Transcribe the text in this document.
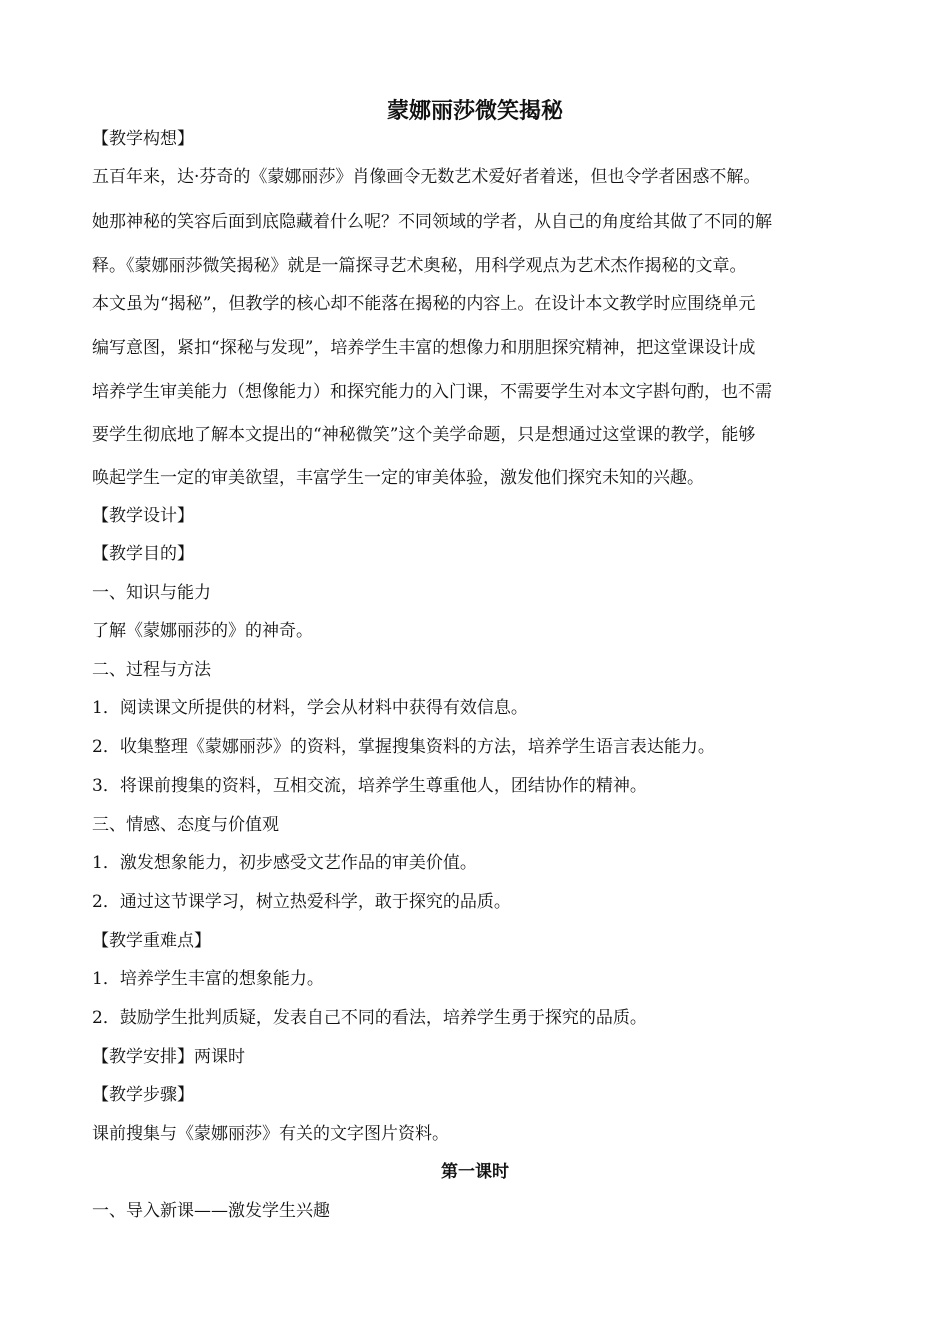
蒙娜丽莎微笑揭秘
【教学构想】
五百年来，达·芬奇的《蒙娜丽莎》肖像画令无数艺术爱好者着迷，但也令学者困惑不解。
她那神秘的笑容后面到底隐藏着什么呢？不同领域的学者，从自己的角度给其做了不同的解
释。《蒙娜丽莎微笑揭秘》就是一篇探寻艺术奥秘，用科学观点为艺术杰作揭秘的文章。
本文虽为“揭秘”，但教学的核心却不能落在揭秘的内容上。在设计本文教学时应围绕单元
编写意图，紧扣“探秘与发现”，培养学生丰富的想像力和朋胆探究精神，把这堂课设计成
培养学生审美能力（想像能力）和探究能力的入门课，不需要学生对本文字斟句酌，也不需
要学生彻底地了解本文提出的“神秘微笑”这个美学命题，只是想通过这堂课的教学，能够
唤起学生一定的审美欲望，丰富学生一定的审美体验，激发他们探究未知的兴趣。
【教学设计】
【教学目的】
一、知识与能力
了解《蒙娜丽莎的》的神奇。
二、过程与方法
1．阅读课文所提供的材料，学会从材料中获得有效信息。
2．收集整理《蒙娜丽莎》的资料，掌握搜集资料的方法，培养学生语言表达能力。
3．将课前搜集的资料，互相交流，培养学生尊重他人，团结协作的精神。
三、情感、态度与价值观
1．激发想象能力，初步感受文艺作品的审美价值。
2．通过这节课学习，树立热爱科学，敢于探究的品质。
【教学重难点】
1．培养学生丰富的想象能力。
2．鼓励学生批判质疑，发表自己不同的看法，培养学生勇于探究的品质。
【教学安排】两课时
【教学步骤】
课前搜集与《蒙娜丽莎》有关的文字图片资料。
第一课时
一、导入新课——激发学生兴趣
